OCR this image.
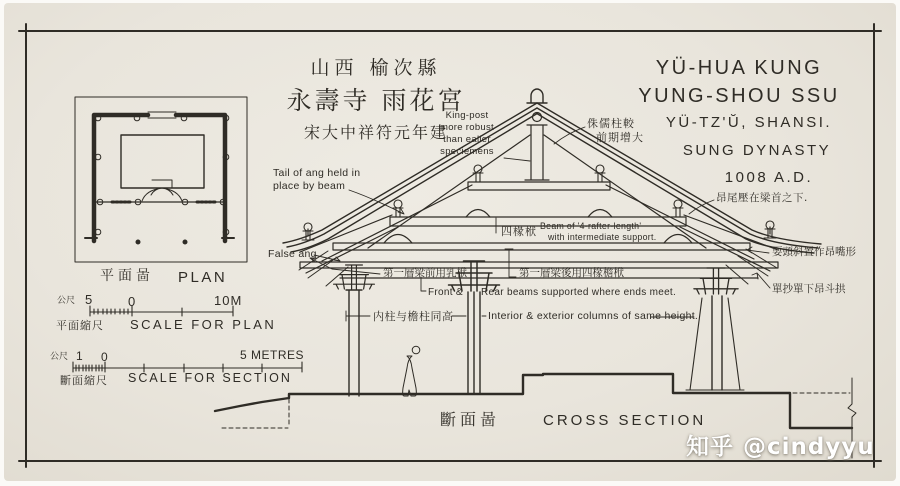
山西 榆次縣
永壽寺 雨花宮
宋大中祥符元年建
YÜ-HUA KUNG
YUNG-SHOU SSU
YÜ-TZ'Ŭ, SHANSI.
SUNG DYNASTY
1008 A.D.
平面啚 PLAN
公尺 5	0	10M
平面縮尺 SCALE FOR PLAN
公尺 1 0	5 METRES
斷面縮尺 SCALE FOR SECTION
King-post
more robust
than ealier
speciemens
侏儒柱較
前期增大
Tail of ang held in
place by beam
False ang
昂尾壓在梁首之下.
耍頭斜置作昂嘴形
單抄單下昂斗拱
四椽栿 Beam of '4-rafter-length'
with intermediate support.
第一層梁前用乳栿
Front &
第一層梁後用四椽檐栿
Rear beams supported where ends meet.
内柱与檐柱同高	Interior & exterior columns of same height.
斷面啚	CROSS SECTION
知乎 @cindyyu
